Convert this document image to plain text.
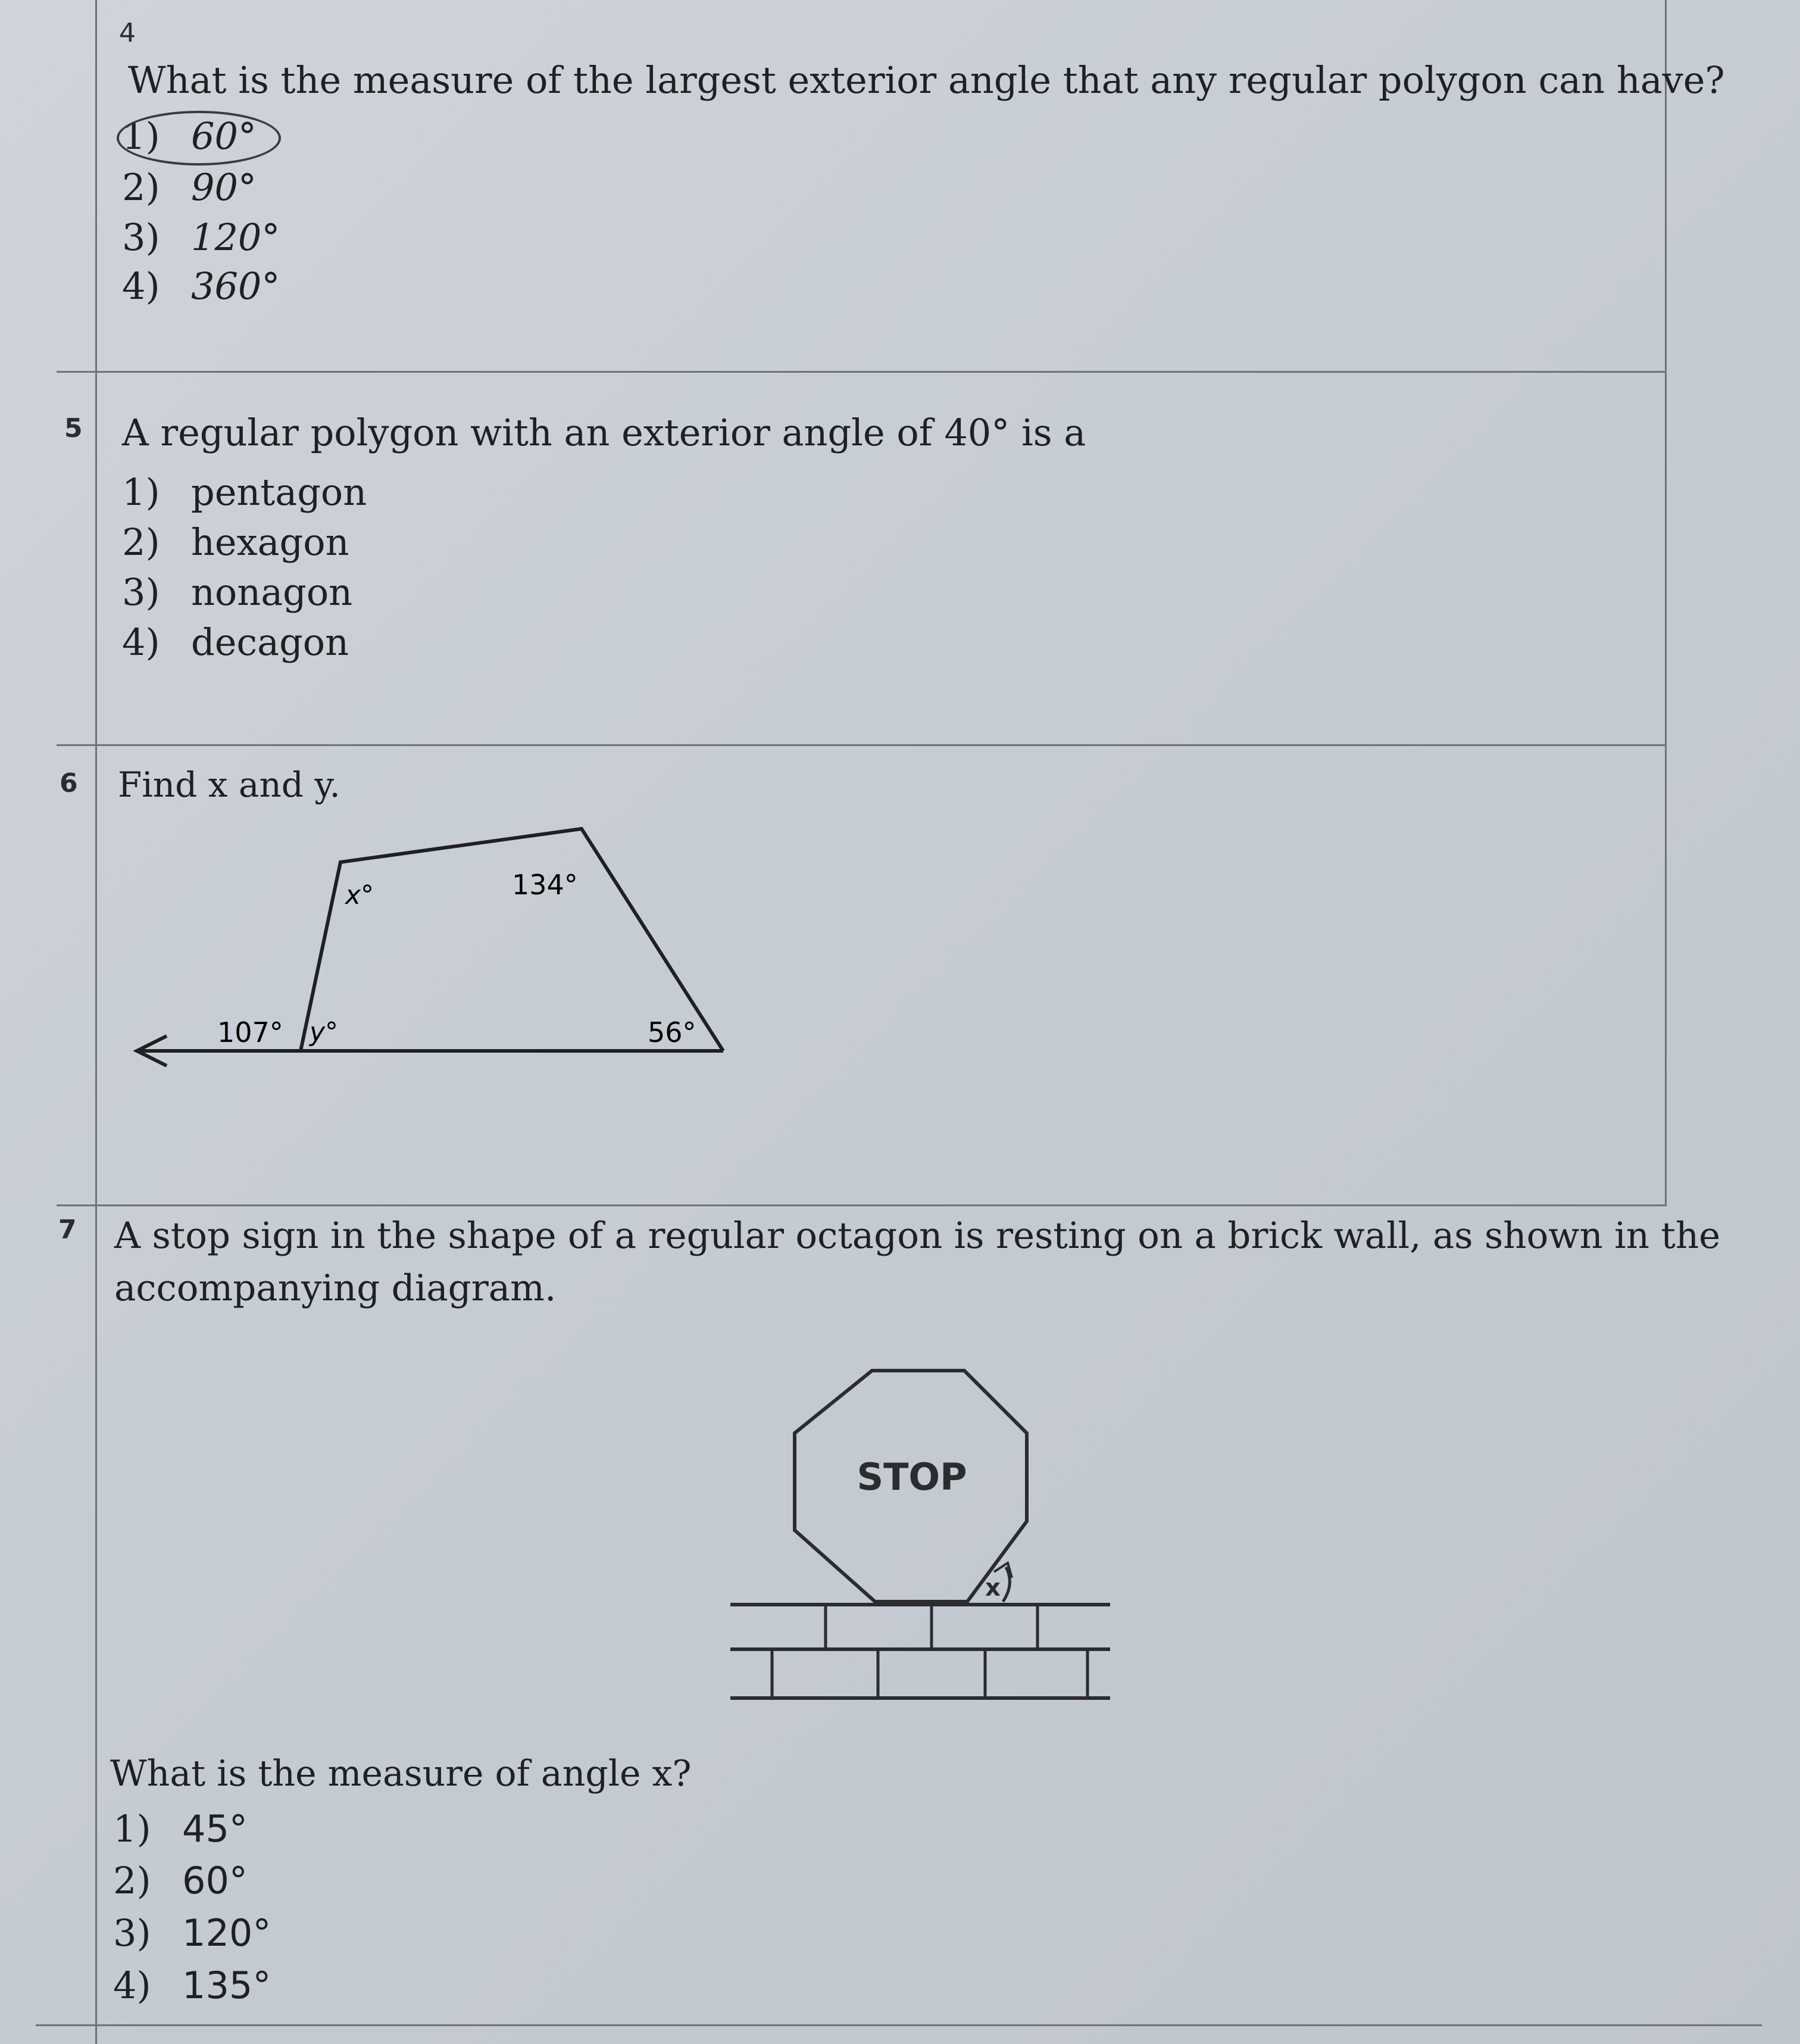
4
What is the measure of the largest exterior angle that any regular polygon can have?
1) 60°
2) 90°
3) 120°
4) 360°
5 A regular polygon with an exterior angle of 40° is a
1) pentagon
2) hexagon
3) nonagon
4) decagon
6 Find x and y.
x°	134°
107° y°	56°
7 A stop sign in the shape of a regular octagon is resting on a brick wall, as shown in the
accompanying diagram.
STOP
x
What is the measure of angle x?
1) 45°
2) 60°
3) 120°
4) 135°
